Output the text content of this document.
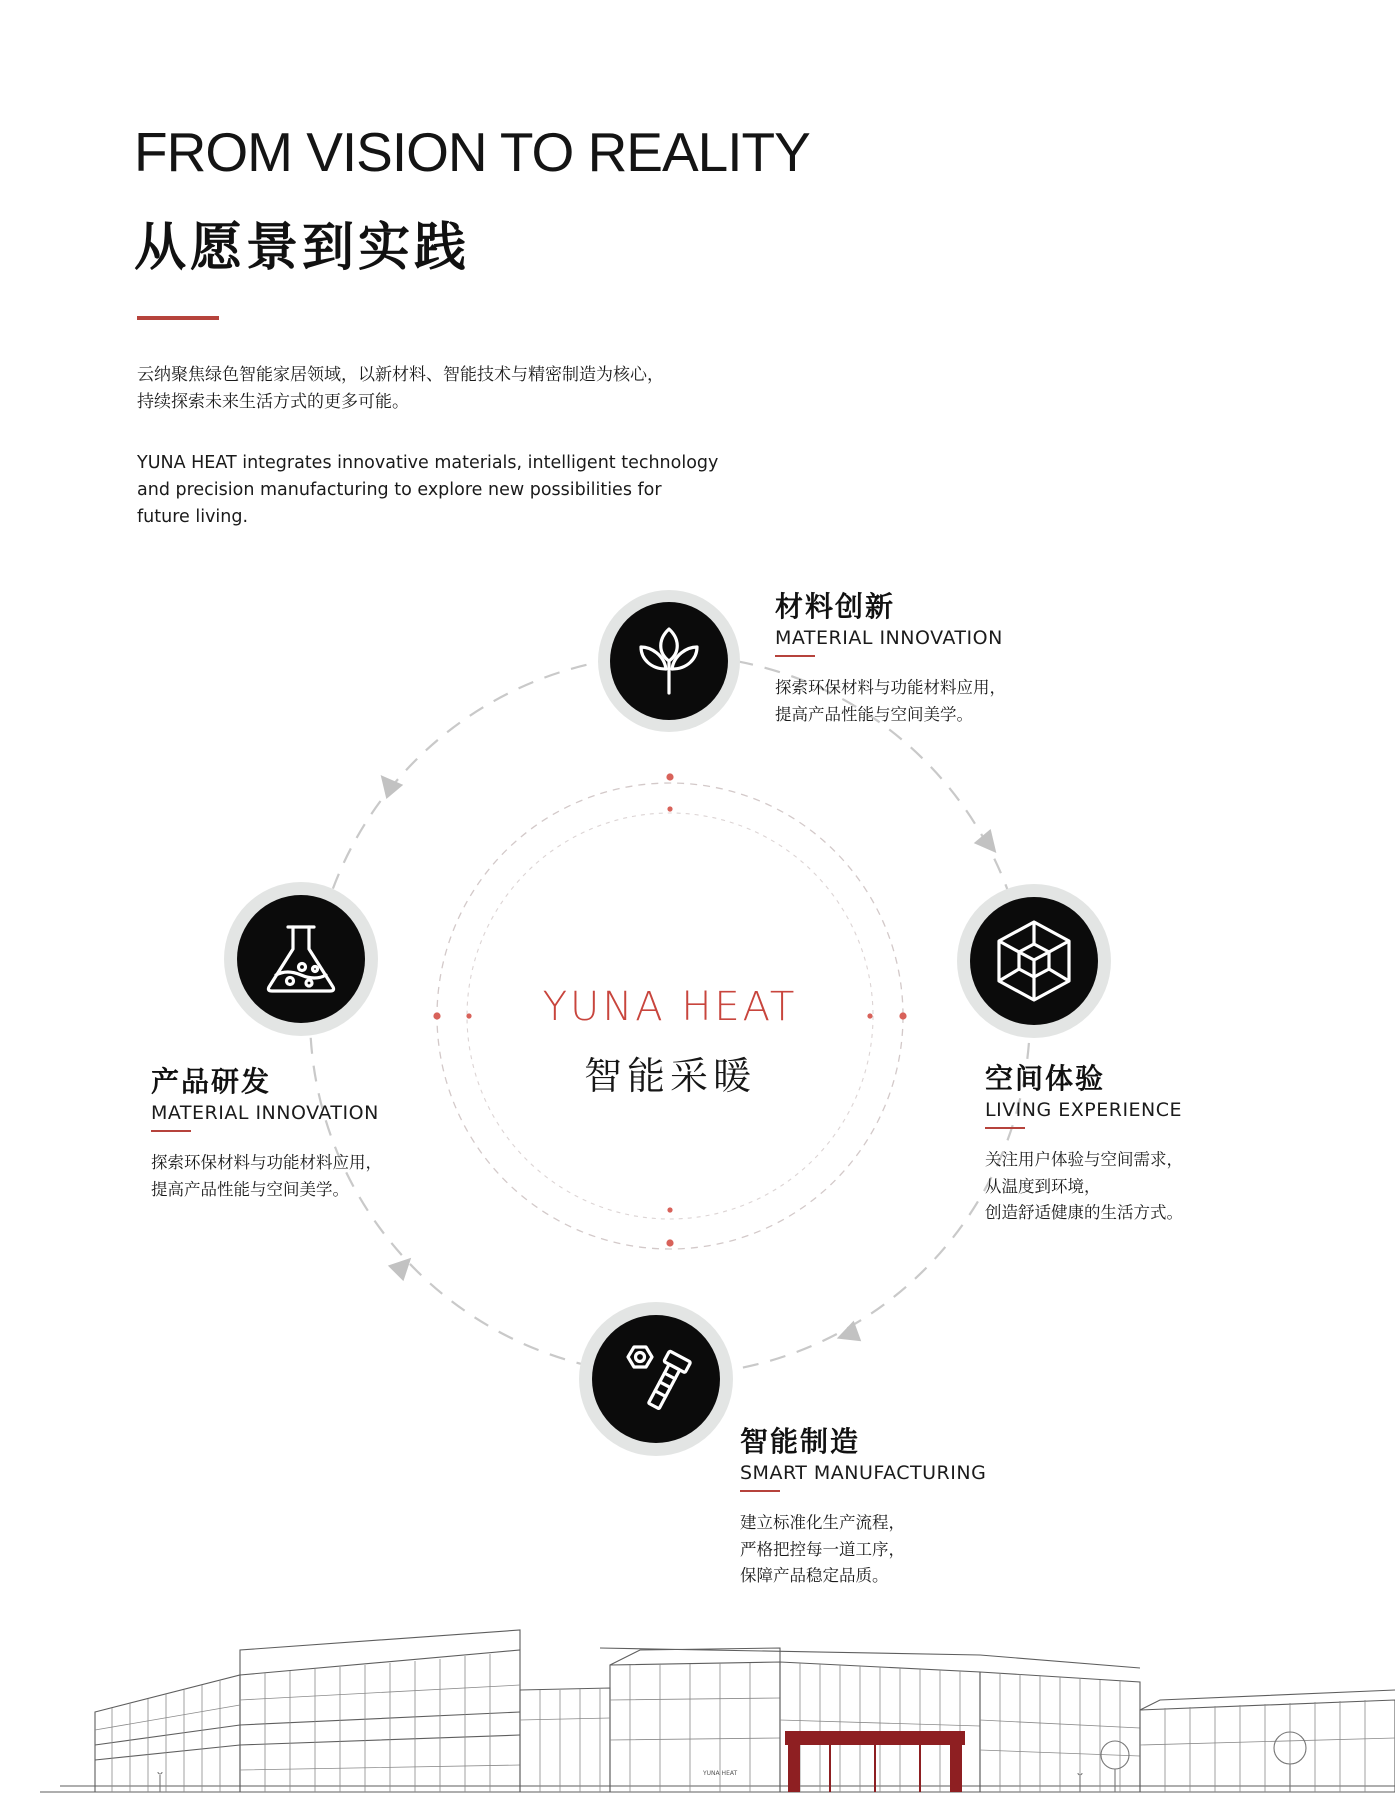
FROM VISION TO REALITY
从愿景到实践

云纳聚焦绿色智能家居领域，以新材料、智能技术与精密制造为核心，
持续探索未来生活方式的更多可能。

YUNA HEAT integrates innovative materials, intelligent technology
and precision manufacturing to explore new possibilities for
future living.

YUNA HEAT
智能采暖
材料创新
MATERIAL INNOVATION
探索环保材料与功能材料应用，
提高产品性能与空间美学。
空间体验
LIVING EXPERIENCE
关注用户体验与空间需求，
从温度到环境，
创造舒适健康的生活方式。
智能制造
SMART MANUFACTURING
建立标准化生产流程，
严格把控每一道工序，
保障产品稳定品质。
产品研发
MATERIAL INNOVATION
探索环保材料与功能材料应用，
提高产品性能与空间美学。
YUNA HEAT
